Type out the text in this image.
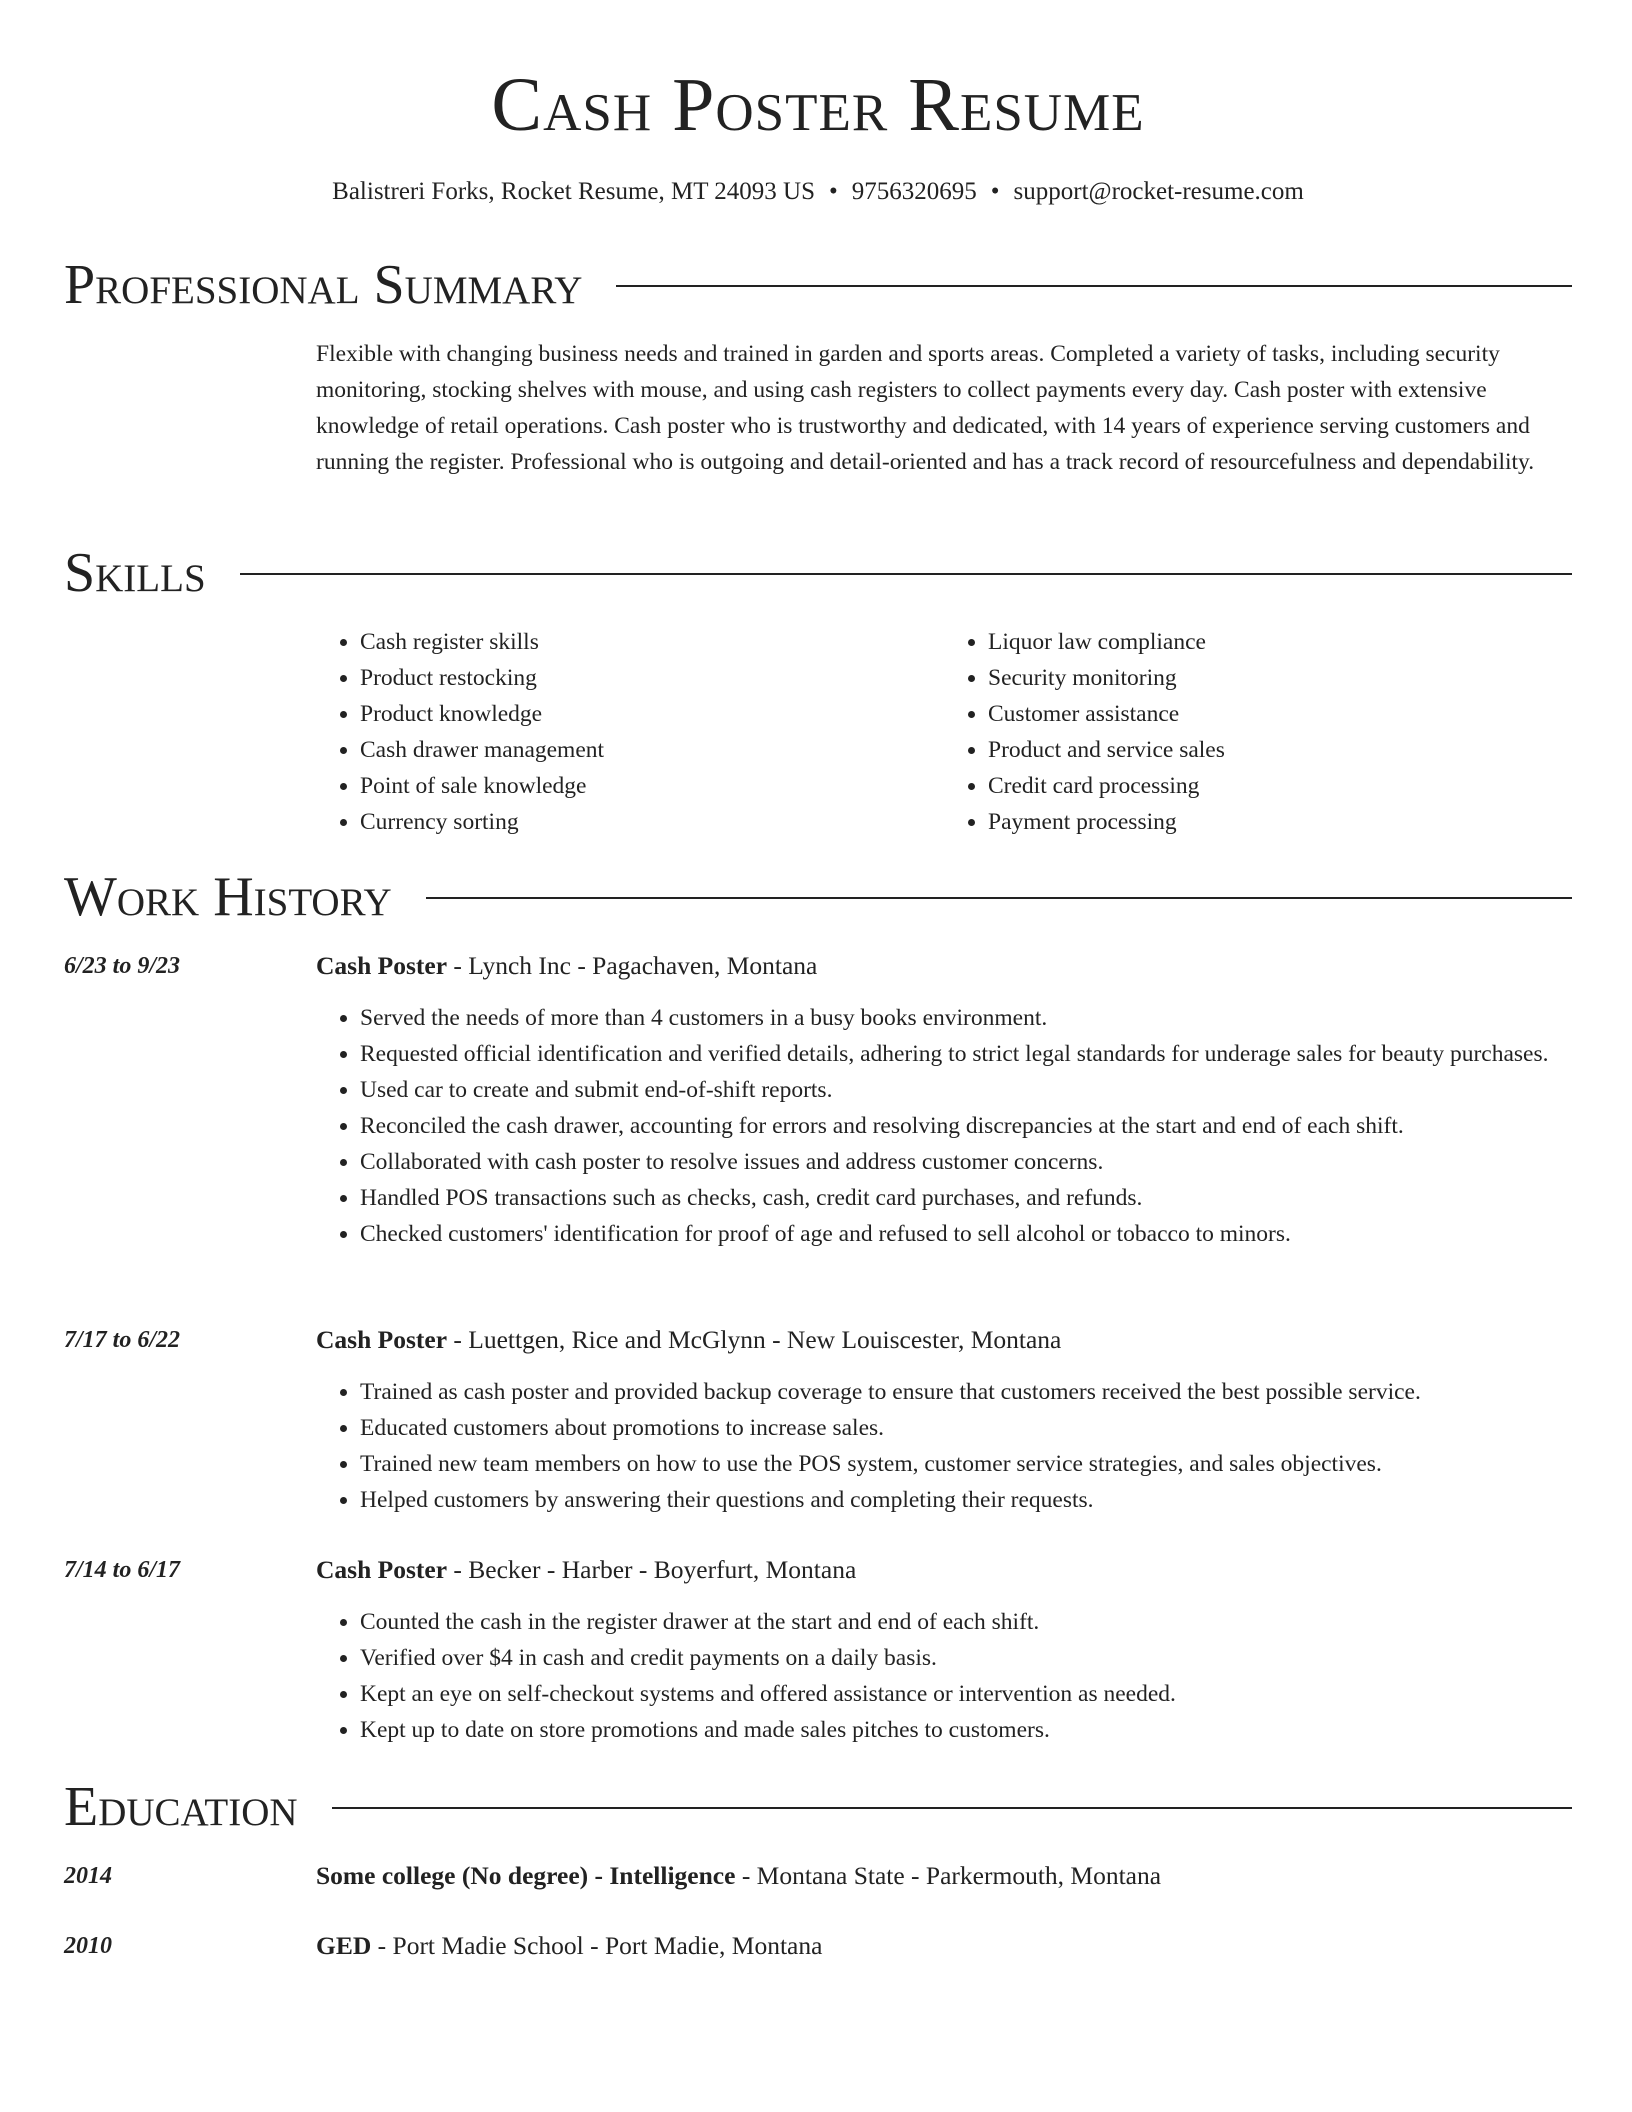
Cash Poster Resume
Balistreri Forks, Rocket Resume, MT 24093 US • 9756320695 • support@rocket-resume.com
Professional Summary

Flexible with changing business needs and trained in garden and sports areas. Completed a variety of tasks, including security monitoring, stocking shelves with mouse, and using cash registers to collect payments every day. Cash poster with extensive knowledge of retail operations. Cash poster who is trustworthy and dedicated, with 14 years of experience serving customers and running the register. Professional who is outgoing and detail-oriented and has a track record of resourcefulness and dependability.

Skills
• Cash register skills
• Product restocking
• Product knowledge
• Cash drawer management
• Point of sale knowledge
• Currency sorting
• Liquor law compliance
• Security monitoring
• Customer assistance
• Product and service sales
• Credit card processing
• Payment processing
Work History
6/23 to 9/23	Cash Poster - Lynch Inc - Pagachaven, Montana
• Served the needs of more than 4 customers in a busy books environment.
• Requested official identification and verified details, adhering to strict legal standards for underage sales for beauty purchases.
• Used car to create and submit end-of-shift reports.
• Reconciled the cash drawer, accounting for errors and resolving discrepancies at the start and end of each shift.
• Collaborated with cash poster to resolve issues and address customer concerns.
• Handled POS transactions such as checks, cash, credit card purchases, and refunds.
• Checked customers' identification for proof of age and refused to sell alcohol or tobacco to minors.
7/17 to 6/22	Cash Poster - Luettgen, Rice and McGlynn - New Louiscester, Montana
• Trained as cash poster and provided backup coverage to ensure that customers received the best possible service.
• Educated customers about promotions to increase sales.
• Trained new team members on how to use the POS system, customer service strategies, and sales objectives.
• Helped customers by answering their questions and completing their requests.
7/14 to 6/17	Cash Poster - Becker - Harber - Boyerfurt, Montana
• Counted the cash in the register drawer at the start and end of each shift.
• Verified over $4 in cash and credit payments on a daily basis.
• Kept an eye on self-checkout systems and offered assistance or intervention as needed.
• Kept up to date on store promotions and made sales pitches to customers.
Education
2014	Some college (No degree) - Intelligence - Montana State - Parkermouth, Montana
2010	GED - Port Madie School - Port Madie, Montana
